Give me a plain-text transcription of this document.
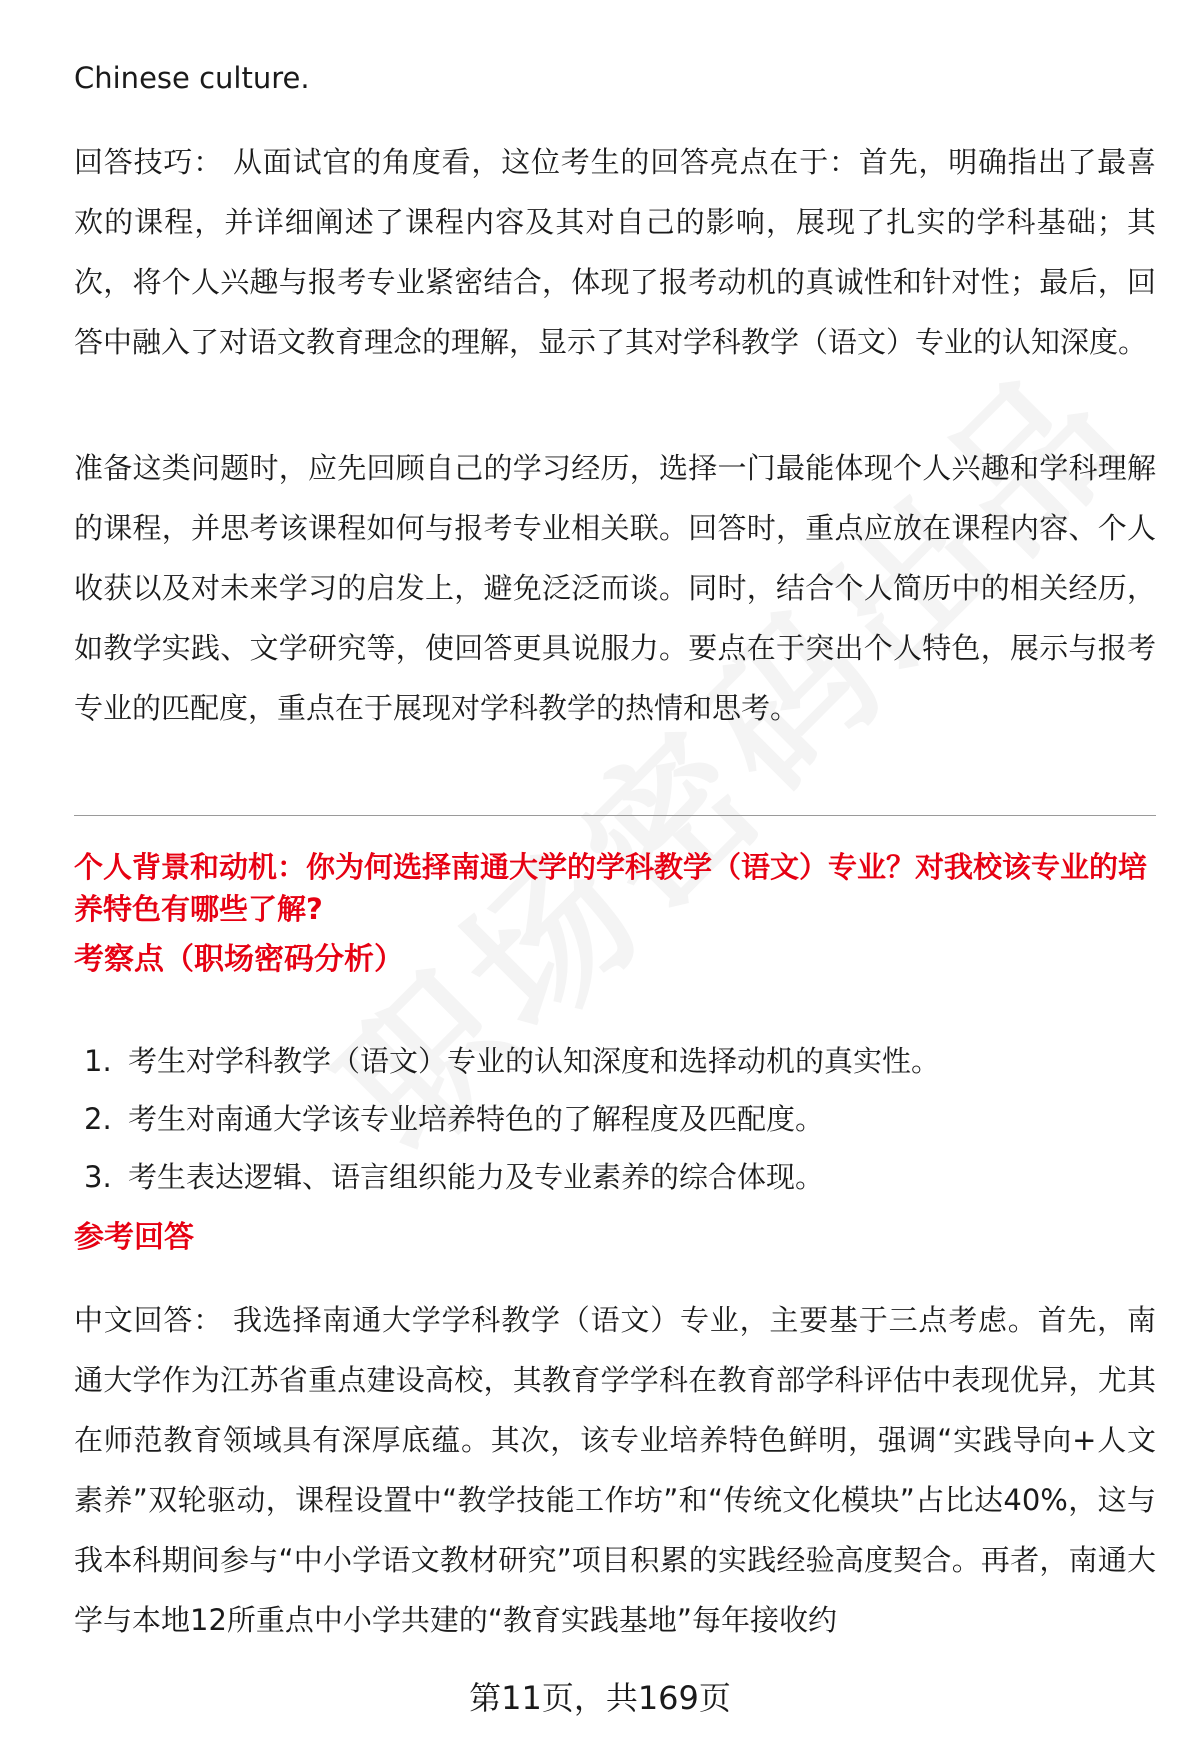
Chinese culture.

回答技巧： 从面试官的角度看，这位考生的回答亮点在于：首先，明确指出了最喜欢的课程，并详细阐述了课程内容及其对自己的影响，展现了扎实的学科基础；其次，将个人兴趣与报考专业紧密结合，体现了报考动机的真诚性和针对性；最后，回答中融入了对语文教育理念的理解，显示了其对学科教学（语文）专业的认知深度。

准备这类问题时，应先回顾自己的学习经历，选择一门最能体现个人兴趣和学科理解的课程，并思考该课程如何与报考专业相关联。回答时，重点应放在课程内容、个人收获以及对未来学习的启发上，避免泛泛而谈。同时，结合个人简历中的相关经历，如教学实践、文学研究等，使回答更具说服力。要点在于突出个人特色，展示与报考专业的匹配度，重点在于展现对学科教学的热情和思考。

个人背景和动机：你为何选择南通大学的学科教学（语文）专业？对我校该专业的培养特色有哪些了解?

考察点（职场密码分析）

1. 考生对学科教学（语文）专业的认知深度和选择动机的真实性。
2. 考生对南通大学该专业培养特色的了解程度及匹配度。
3. 考生表达逻辑、语言组织能力及专业素养的综合体现。

参考回答

中文回答： 我选择南通大学学科教学（语文）专业，主要基于三点考虑。首先，南通大学作为江苏省重点建设高校，其教育学学科在教育部学科评估中表现优异，尤其在师范教育领域具有深厚底蕴。其次，该专业培养特色鲜明，强调“实践导向+人文素养”双轮驱动，课程设置中“教学技能工作坊”和“传统文化模块”占比达40%，这与我本科期间参与“中小学语文教材研究”项目积累的实践经验高度契合。再者，南通大学与本地12所重点中小学共建的“教育实践基地”每年接收约

第11页，共169页
